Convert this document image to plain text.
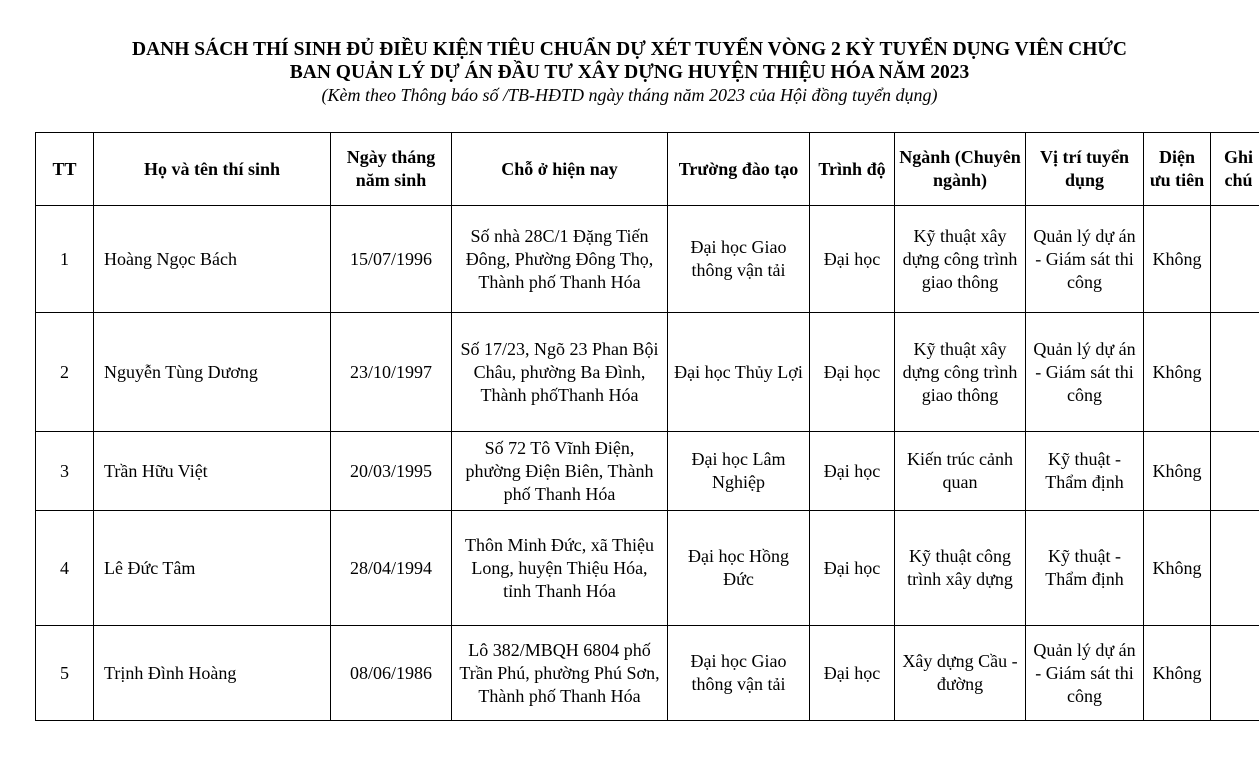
DANH SÁCH THÍ SINH ĐỦ ĐIỀU KIỆN TIÊU CHUẨN DỰ XÉT TUYỂN VÒNG 2 KỲ TUYỂN DỤNG VIÊN CHỨC
BAN QUẢN LÝ DỰ ÁN ĐẦU TƯ XÂY DỰNG HUYỆN THIỆU HÓA NĂM 2023
(Kèm theo Thông báo số /TB-HĐTD ngày tháng năm 2023 của Hội đồng tuyển dụng)
TT	Họ và tên thí sinh	Ngày tháng năm sinh	Chỗ ở hiện nay	Trường đào tạo	Trình độ	Ngành (Chuyên ngành)	Vị trí tuyển dụng	Diện ưu tiên	Ghi chú
1	Hoàng Ngọc Bách	15/07/1996	Số nhà 28C/1 Đặng Tiến Đông, Phường Đông Thọ, Thành phố Thanh Hóa	Đại học Giao thông vận tải	Đại học	Kỹ thuật xây dựng công trình giao thông	Quản lý dự án - Giám sát thi công	Không	
2	Nguyễn Tùng Dương	23/10/1997	Số 17/23, Ngõ 23 Phan Bội Châu, phường Ba Đình, Thành phốThanh Hóa	Đại học Thủy Lợi	Đại học	Kỹ thuật xây dựng công trình giao thông	Quản lý dự án - Giám sát thi công	Không	
3	Trần Hữu Việt	20/03/1995	Số 72 Tô Vĩnh Điện, phường Điện Biên, Thành phố Thanh Hóa	Đại học Lâm Nghiệp	Đại học	Kiến trúc cảnh quan	Kỹ thuật - Thẩm định	Không	
4	Lê Đức Tâm	28/04/1994	Thôn Minh Đức, xã Thiệu Long, huyện Thiệu Hóa, tỉnh Thanh Hóa	Đại học Hồng Đức	Đại học	Kỹ thuật công trình xây dựng	Kỹ thuật - Thẩm định	Không	
5	Trịnh Đình Hoàng	08/06/1986	Lô 382/MBQH 6804 phố Trần Phú, phường Phú Sơn, Thành phố Thanh Hóa	Đại học Giao thông vận tải	Đại học	Xây dựng Cầu - đường	Quản lý dự án - Giám sát thi công	Không	
